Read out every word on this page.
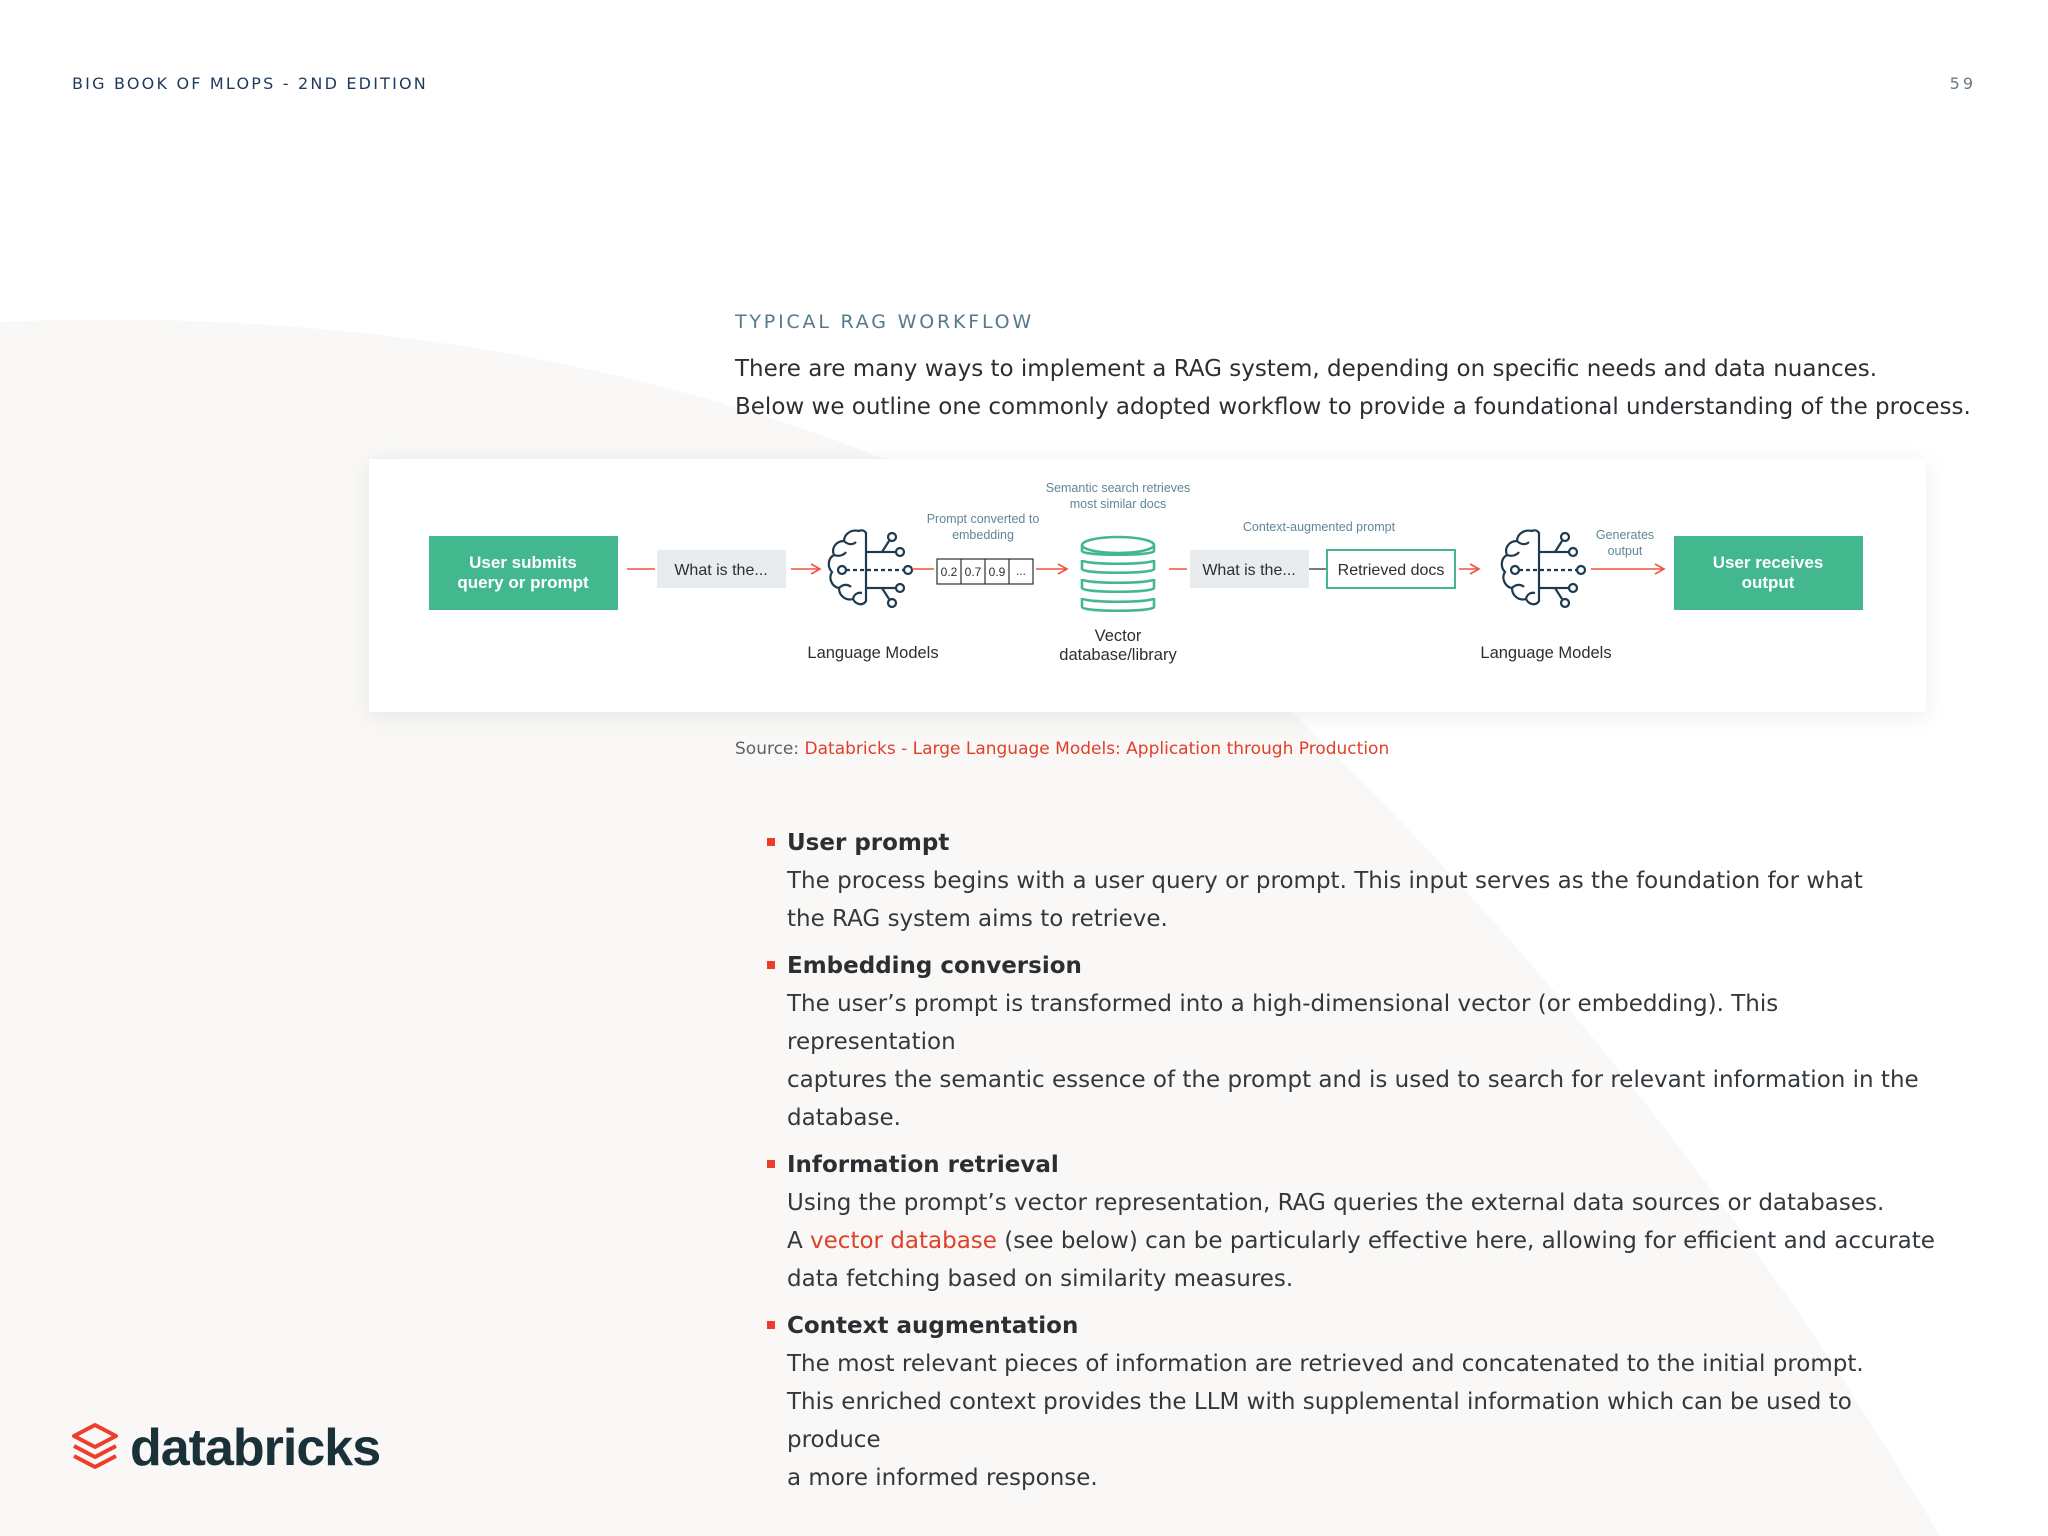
BIG BOOK OF MLOPS - 2ND EDITION	59
TYPICAL RAG WORKFLOW

There are many ways to implement a RAG system, depending on specific needs and data nuances.

Below we outline one commonly adopted workflow to provide a foundational understanding of the process.

User submits
query or prompt
What is the...
Language Models
Prompt converted to
embedding
0.2 0.7 0.9 ...
Semantic search retrieves
most similar docs
Vector
database/library
Context-augmented prompt
What is the...	Retrieved docs
Language Models
Generates
output
User receives
output
Source: Databricks - Large Language Models: Application through Production
User prompt

The process begins with a user query or prompt. This input serves as the foundation for what

the RAG system aims to retrieve.

Embedding conversion

The user’s prompt is transformed into a high-dimensional vector (or embedding). This representation

captures the semantic essence of the prompt and is used to search for relevant information in the

database.

Information retrieval

Using the prompt’s vector representation, RAG queries the external data sources or databases.

A vector database (see below) can be particularly effective here, allowing for efficient and accurate

data fetching based on similarity measures.

Context augmentation

The most relevant pieces of information are retrieved and concatenated to the initial prompt.

This enriched context provides the LLM with supplemental information which can be used to produce

a more informed response.

databricks
